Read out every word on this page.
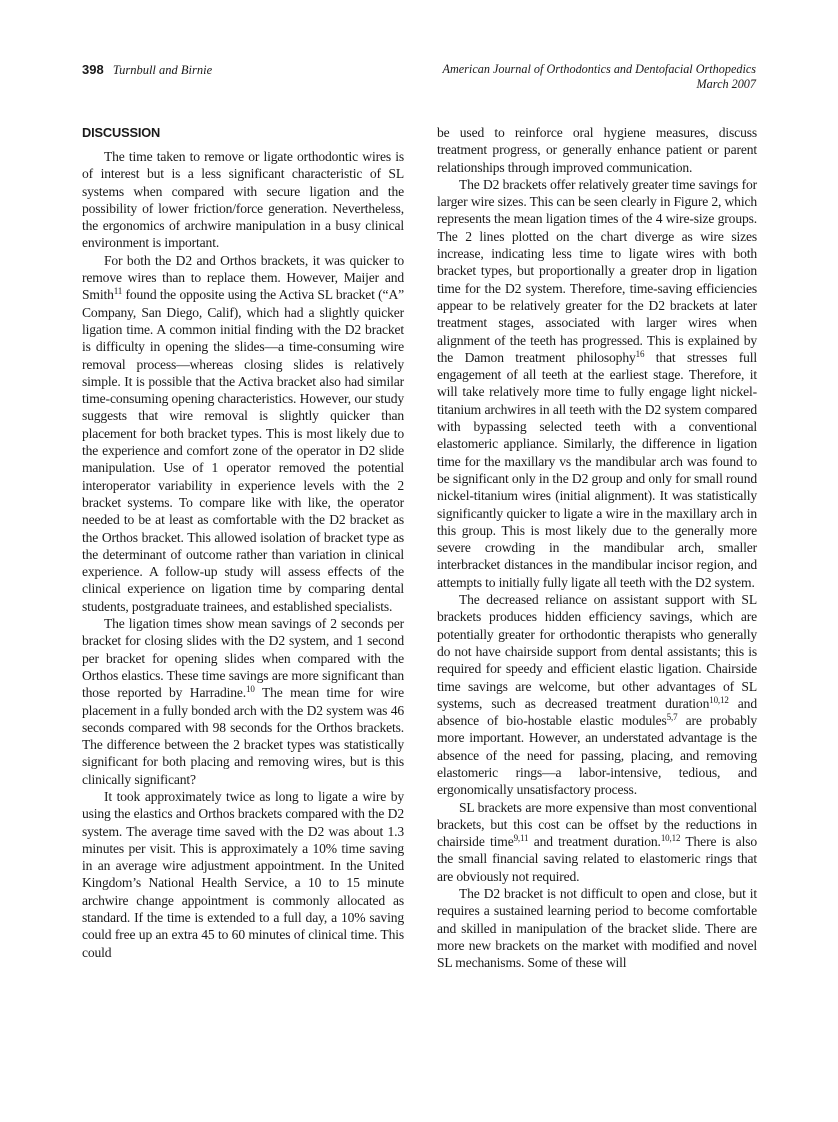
398 Turnbull and Birnie	American Journal of Orthodontics and Dentofacial Orthopedics
March 2007
DISCUSSION

The time taken to remove or ligate orthodontic wires is of interest but is a less significant characteristic of SL systems when compared with secure ligation and the possibility of lower friction/force generation. Nevertheless, the ergonomics of archwire manipulation in a busy clinical environment is important.

For both the D2 and Orthos brackets, it was quicker to remove wires than to replace them. However, Maijer and Smith$^{11}$ found the opposite using the Activa SL bracket (“A” Company, San Diego, Calif), which had a slightly quicker ligation time. A common initial finding with the D2 bracket is difficulty in opening the slides—a time-consuming wire removal process—whereas closing slides is relatively simple. It is possible that the Activa bracket also had similar time-consuming opening characteristics. However, our study suggests that wire removal is slightly quicker than placement for both bracket types. This is most likely due to the experience and comfort zone of the operator in D2 slide manipulation. Use of 1 operator removed the potential interoperator variability in experience levels with the 2 bracket systems. To compare like with like, the operator needed to be at least as comfortable with the D2 bracket as the Orthos bracket. This allowed isolation of bracket type as the determinant of outcome rather than variation in clinical experience. A follow-up study will assess effects of the clinical experience on ligation time by comparing dental students, postgraduate trainees, and established specialists.

The ligation times show mean savings of 2 seconds per bracket for closing slides with the D2 system, and 1 second per bracket for opening slides when compared with the Orthos elastics. These time savings are more significant than those reported by Harradine.$^{10}$ The mean time for wire placement in a fully bonded arch with the D2 system was 46 seconds compared with 98 seconds for the Orthos brackets. The difference between the 2 bracket types was statistically significant for both placing and removing wires, but is this clinically significant?

It took approximately twice as long to ligate a wire by using the elastics and Orthos brackets compared with the D2 system. The average time saved with the D2 was about 1.3 minutes per visit. This is approximately a 10% time saving in an average wire adjustment appointment. In the United Kingdom’s National Health Service, a 10 to 15 minute archwire change appointment is commonly allocated as standard. If the time is extended to a full day, a 10% saving could free up an extra 45 to 60 minutes of clinical time. This could

be used to reinforce oral hygiene measures, discuss treatment progress, or generally enhance patient or parent relationships through improved communication.

The D2 brackets offer relatively greater time savings for larger wire sizes. This can be seen clearly in Figure 2, which represents the mean ligation times of the 4 wire-size groups. The 2 lines plotted on the chart diverge as wire sizes increase, indicating less time to ligate wires with both bracket types, but proportionally a greater drop in ligation time for the D2 system. Therefore, time-saving efficiencies appear to be relatively greater for the D2 brackets at later treatment stages, associated with larger wires when alignment of the teeth has progressed. This is explained by the Damon treatment philosophy$^{16}$ that stresses full engagement of all teeth at the earliest stage. Therefore, it will take relatively more time to fully engage light nickel-titanium archwires in all teeth with the D2 system compared with bypassing selected teeth with a conventional elastomeric appliance. Similarly, the difference in ligation time for the maxillary vs the mandibular arch was found to be significant only in the D2 group and only for small round nickel-titanium wires (initial alignment). It was statistically significantly quicker to ligate a wire in the maxillary arch in this group. This is most likely due to the generally more severe crowding in the mandibular arch, smaller interbracket distances in the mandibular incisor region, and attempts to initially fully ligate all teeth with the D2 system.

The decreased reliance on assistant support with SL brackets produces hidden efficiency savings, which are potentially greater for orthodontic therapists who generally do not have chairside support from dental assistants; this is required for speedy and efficient elastic ligation. Chairside time savings are welcome, but other advantages of SL systems, such as decreased treatment duration$^{10,12}$ and absence of bio-hostable elastic modules$^{5,7}$ are probably more important. However, an understated advantage is the absence of the need for passing, placing, and removing elastomeric rings—a labor-intensive, tedious, and ergonomically unsatisfactory process.

SL brackets are more expensive than most conventional brackets, but this cost can be offset by the reductions in chairside time$^{9,11}$ and treatment duration.$^{10,12}$ There is also the small financial saving related to elastomeric rings that are obviously not required.

The D2 bracket is not difficult to open and close, but it requires a sustained learning period to become comfortable and skilled in manipulation of the bracket slide. There are more new brackets on the market with modified and novel SL mechanisms. Some of these will
